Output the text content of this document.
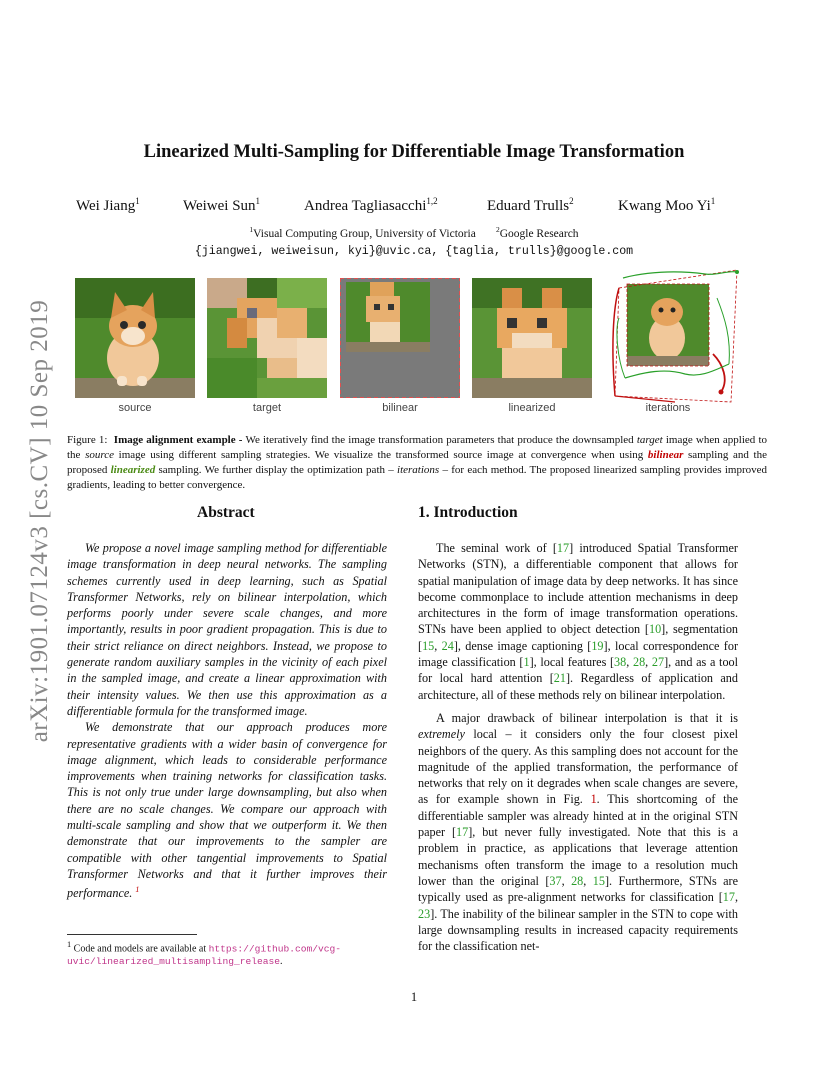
Linearized Multi-Sampling for Differentiable Image Transformation
Wei Jiang$^1$	Weiwei Sun$^1$	Andrea Tagliasacchi$^{1,2}$	Eduard Trulls$^2$	Kwang Moo Yi$^1$
$^1$Visual Computing Group, University of Victoria	$^2$Google Research
{jiangwei, weiweisun, kyi}@uvic.ca, {taglia, trulls}@google.com
arXiv:1901.07124v3 [cs.CV] 10 Sep 2019	source	target	bilinear	linearized	iterations
Figure 1: Image alignment example - We iteratively find the image transformation parameters that produce the downsampled target image when applied to the source image using different sampling strategies. We visualize the transformed source image at convergence when using bilinear sampling and the proposed linearized sampling. We further display the optimization path – iterations – for each method. The proposed linearized sampling provides improved gradients, leading to better convergence.
Abstract	1. Introduction

We propose a novel image sampling method for differentiable image transformation in deep neural networks. The sampling schemes currently used in deep learning, such as Spatial Transformer Networks, rely on bilinear interpolation, which performs poorly under severe scale changes, and more importantly, results in poor gradient propagation. This is due to their strict reliance on direct neighbors. Instead, we propose to generate random auxiliary samples in the vicinity of each pixel in the sampled image, and create a linear approximation with their intensity values. We then use this approximation as a differentiable formula for the transformed image.

We demonstrate that our approach produces more representative gradients with a wider basin of convergence for image alignment, which leads to considerable performance improvements when training networks for classification tasks. This is not only true under large downsampling, but also when there are no scale changes. We compare our approach with multi-scale sampling and show that we outperform it. We then demonstrate that our improvements to the sampler are compatible with other tangential improvements to Spatial Transformer Networks and that it further improves their performance. $^1$

The seminal work of [17] introduced Spatial Transformer Networks (STN), a differentiable component that allows for spatial manipulation of image data by deep networks. It has since become commonplace to include attention mechanisms in deep architectures in the form of image transformation operations. STNs have been applied to object detection [10], segmentation [15, 24], dense image captioning [19], local correspondence for image classification [1], local features [38, 28, 27], and as a tool for local hard attention [21]. Regardless of application and architecture, all of these methods rely on bilinear interpolation.

A major drawback of bilinear interpolation is that it is extremely local – it considers only the four closest pixel neighbors of the query. As this sampling does not account for the magnitude of the applied transformation, the performance of networks that rely on it degrades when scale changes are severe, as for example shown in Fig. 1. This shortcoming of the differentiable sampler was already hinted at in the original STN paper [17], but never fully investigated. Note that this is a problem in practice, as applications that leverage attention mechanisms often transform the image to a resolution much lower than the original [37, 28, 15]. Furthermore, STNs are typically used as pre-alignment networks for classification [17, 23]. The inability of the bilinear sampler in the STN to cope with large downsampling results in increased capacity requirements for the classification net-

$^1$ Code and models are available at https://github.com/vcg-uvic/linearized_multisampling_release.
1
